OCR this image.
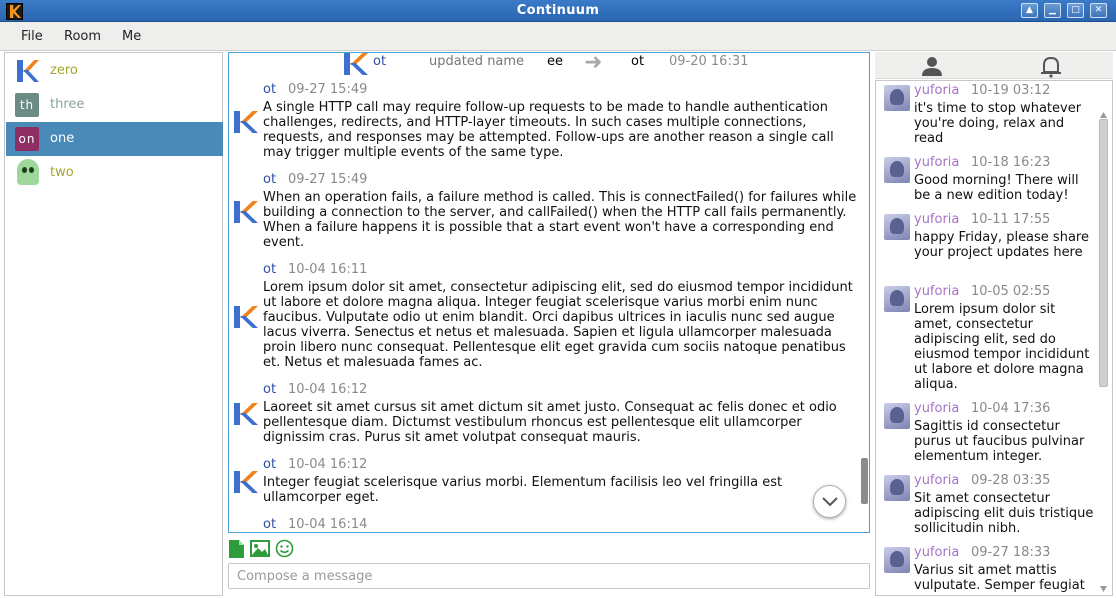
Continuum	▲	▁	□	✕
File Room Me
zero
th	three
on one
two
ot	updated name ee ➜ ot 09-20 16:31
ot 09-27 15:49
A single HTTP call may require follow-up requests to be made to handle authentication challenges, redirects, and HTTP-layer timeouts. In such cases multiple connections, requests, and responses may be attempted. Follow-ups are another reason a single call may trigger multiple events of the same type.
ot 09-27 15:49
When an operation fails, a failure method is called. This is connectFailed() for failures while building a connection to the server, and callFailed() when the HTTP call fails permanently. When a failure happens it is possible that a start event won't have a corresponding end event.
ot 10-04 16:11
Lorem ipsum dolor sit amet, consectetur adipiscing elit, sed do eiusmod tempor incididunt ut labore et dolore magna aliqua. Integer feugiat scelerisque varius morbi enim nunc faucibus. Vulputate odio ut enim blandit. Orci dapibus ultrices in iaculis nunc sed augue lacus viverra. Senectus et netus et malesuada. Sapien et ligula ullamcorper malesuada proin libero nunc consequat. Pellentesque elit eget gravida cum sociis natoque penatibus et. Netus et malesuada fames ac.
ot 10-04 16:12
Laoreet sit amet cursus sit amet dictum sit amet justo. Consequat ac felis donec et odio pellentesque diam. Dictumst vestibulum rhoncus est pellentesque elit ullamcorper dignissim cras. Purus sit amet volutpat consequat mauris.
ot 10-04 16:12
Integer feugiat scelerisque varius morbi. Elementum facilisis leo vel fringilla est ullamcorper eget.
ot 10-04 16:14
Compose a message
yuforia 10-19 03:12
it's time to stop whatever you're doing, relax and read
yuforia 10-18 16:23
Good morning! There will be a new edition today!
yuforia 10-11 17:55
happy Friday, please share your project updates here
yuforia 10-05 02:55
Lorem ipsum dolor sit amet, consectetur adipiscing elit, sed do eiusmod tempor incididunt ut labore et dolore magna aliqua.
yuforia 10-04 17:36
Sagittis id consectetur purus ut faucibus pulvinar elementum integer.
yuforia 09-28 03:35
Sit amet consectetur adipiscing elit duis tristique sollicitudin nibh.
yuforia 09-27 18:33
Varius sit amet mattis vulputate. Semper feugiat
